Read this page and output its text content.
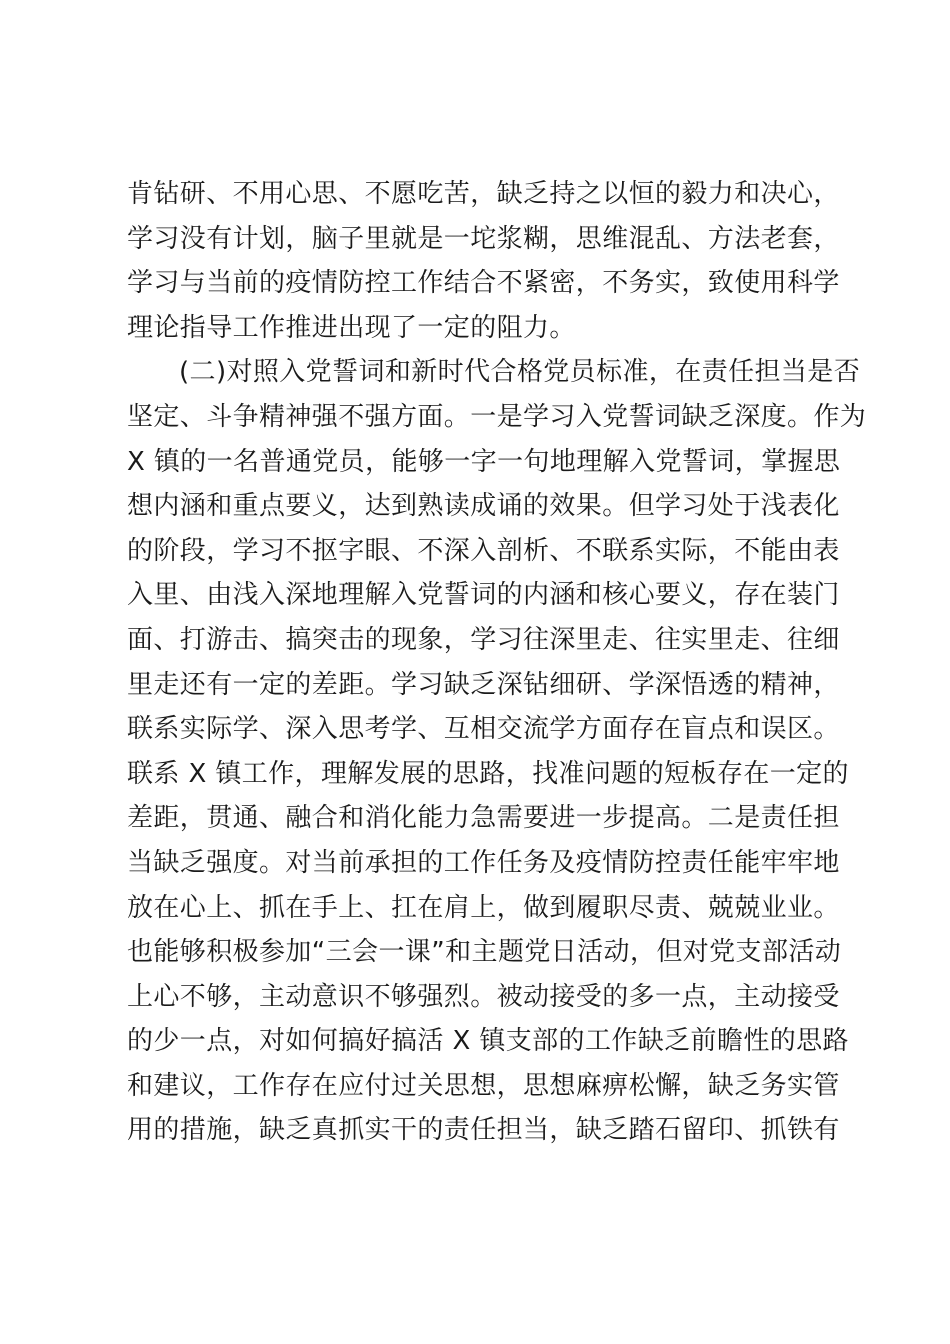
肯钻研、不用心思、不愿吃苦，缺乏持之以恒的毅力和决心，
学习没有计划，脑子里就是一坨浆糊，思维混乱、方法老套，
学习与当前的疫情防控工作结合不紧密，不务实，致使用科学
理论指导工作推进出现了一定的阻力。
(二)对照入党誓词和新时代合格党员标准，在责任担当是否
坚定、斗争精神强不强方面。一是学习入党誓词缺乏深度。作为
X 镇的一名普通党员，能够一字一句地理解入党誓词，掌握思
想内涵和重点要义，达到熟读成诵的效果。但学习处于浅表化
的阶段，学习不抠字眼、不深入剖析、不联系实际，不能由表
入里、由浅入深地理解入党誓词的内涵和核心要义，存在装门
面、打游击、搞突击的现象，学习往深里走、往实里走、往细
里走还有一定的差距。学习缺乏深钻细研、学深悟透的精神，
联系实际学、深入思考学、互相交流学方面存在盲点和误区。
联系 X 镇工作，理解发展的思路，找准问题的短板存在一定的
差距，贯通、融合和消化能力急需要进一步提高。二是责任担
当缺乏强度。对当前承担的工作任务及疫情防控责任能牢牢地
放在心上、抓在手上、扛在肩上，做到履职尽责、兢兢业业。
也能够积极参加“三会一课”和主题党日活动，但对党支部活动
上心不够，主动意识不够强烈。被动接受的多一点，主动接受
的少一点，对如何搞好搞活 X 镇支部的工作缺乏前瞻性的思路
和建议，工作存在应付过关思想，思想麻痹松懈，缺乏务实管
用的措施，缺乏真抓实干的责任担当，缺乏踏石留印、抓铁有
